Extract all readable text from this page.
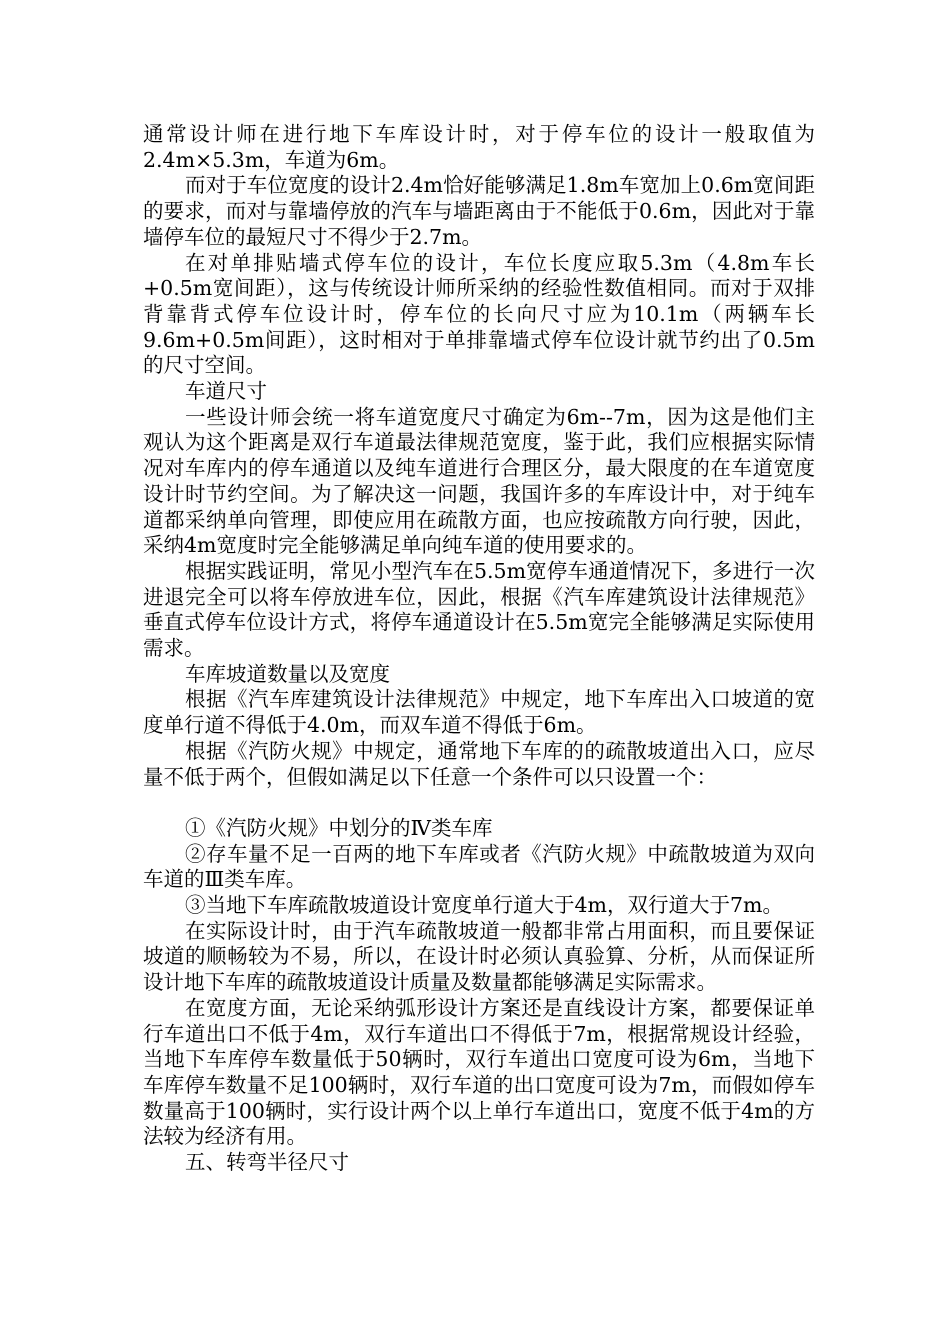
通常设计师在进行地下车库设计时，对于停车位的设计一般取值为2.4m×5.3m，车道为6m。

而对于车位宽度的设计2.4m恰好能够满足1.8m车宽加上0.6m宽间距的要求，而对与靠墙停放的汽车与墙距离由于不能低于0.6m，因此对于靠墙停车位的最短尺寸不得少于2.7m。

在对单排贴墙式停车位的设计，车位长度应取5.3m（4.8m车长+0.5m宽间距），这与传统设计师所采纳的经验性数值相同。而对于双排背靠背式停车位设计时，停车位的长向尺寸应为10.1m（两辆车长9.6m+0.5m间距），这时相对于单排靠墙式停车位设计就节约出了0.5m的尺寸空间。

车道尺寸

一些设计师会统一将车道宽度尺寸确定为6m--7m，因为这是他们主观认为这个距离是双行车道最法律规范宽度，鉴于此，我们应根据实际情况对车库内的停车通道以及纯车道进行合理区分，最大限度的在车道宽度设计时节约空间。为了解决这一问题，我国许多的车库设计中，对于纯车道都采纳单向管理，即使应用在疏散方面，也应按疏散方向行驶，因此，采纳4m宽度时完全能够满足单向纯车道的使用要求的。

根据实践证明，常见小型汽车在5.5m宽停车通道情况下，多进行一次进退完全可以将车停放进车位，因此，根据《汽车库建筑设计法律规范》垂直式停车位设计方式，将停车通道设计在5.5m宽完全能够满足实际使用需求。

车库坡道数量以及宽度

根据《汽车库建筑设计法律规范》中规定，地下车库出入口坡道的宽度单行道不得低于4.0m，而双车道不得低于6m。

根据《汽防火规》中规定，通常地下车库的的疏散坡道出入口，应尽量不低于两个，但假如满足以下任意一个条件可以只设置一个：

①《汽防火规》中划分的Ⅳ类车库

②存车量不足一百两的地下车库或者《汽防火规》中疏散坡道为双向车道的Ⅲ类车库。

③当地下车库疏散坡道设计宽度单行道大于4m，双行道大于7m。

在实际设计时，由于汽车疏散坡道一般都非常占用面积，而且要保证坡道的顺畅较为不易，所以，在设计时必须认真验算、分析，从而保证所设计地下车库的疏散坡道设计质量及数量都能够满足实际需求。

在宽度方面，无论采纳弧形设计方案还是直线设计方案，都要保证单行车道出口不低于4m，双行车道出口不得低于7m，根据常规设计经验，当地下车库停车数量低于50辆时，双行车道出口宽度可设为6m，当地下车库停车数量不足100辆时，双行车道的出口宽度可设为7m，而假如停车数量高于100辆时，实行设计两个以上单行车道出口，宽度不低于4m的方法较为经济有用。

五、转弯半径尺寸
